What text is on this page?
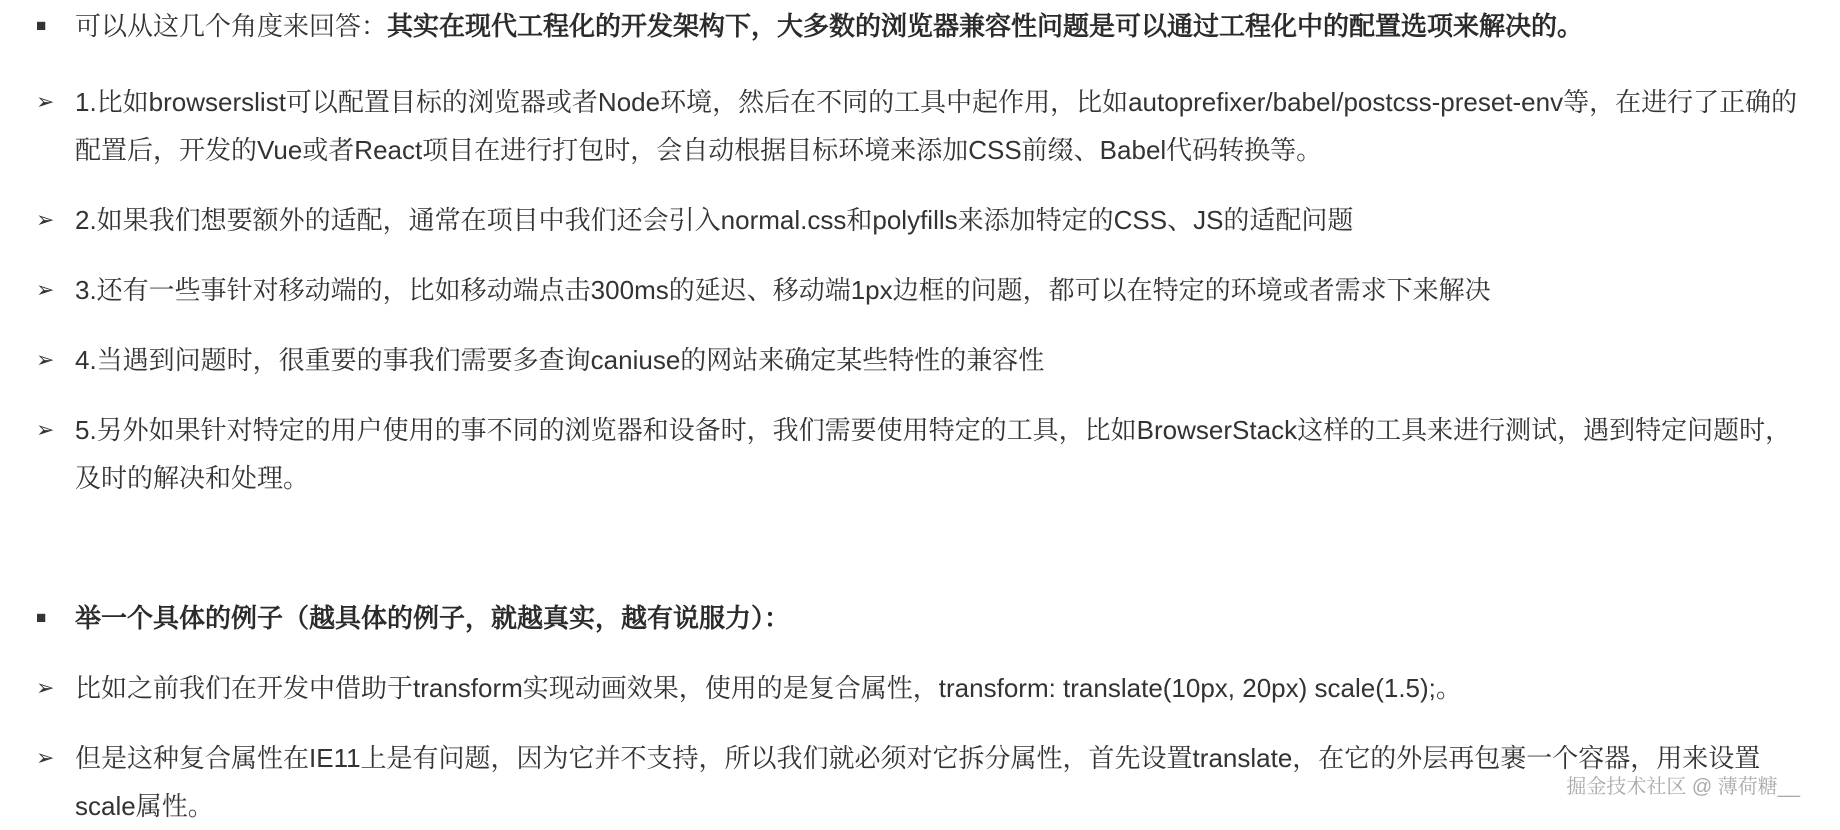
■	可以从这几个角度来回答：其实在现代工程化的开发架构下，大多数的浏览器兼容性问题是可以通过工程化中的配置选项来解决的。

➢ 1.比如browserslist可以配置目标的浏览器或者Node环境，然后在不同的工具中起作用，比如autoprefixer/babel/postcss-preset-env等，在进行了正确的配置后，开发的Vue或者React项目在进行打包时，会自动根据目标环境来添加CSS前缀、Babel代码转换等。

➢ 2.如果我们想要额外的适配，通常在项目中我们还会引入normal.css和polyfills来添加特定的CSS、JS的适配问题

➢ 3.还有一些事针对移动端的，比如移动端点击300ms的延迟、移动端1px边框的问题，都可以在特定的环境或者需求下来解决

➢ 4.当遇到问题时，很重要的事我们需要多查询caniuse的网站来确定某些特性的兼容性

➢ 5.另外如果针对特定的用户使用的事不同的浏览器和设备时，我们需要使用特定的工具，比如BrowserStack这样的工具来进行测试，遇到特定问题时，及时的解决和处理。

■	举一个具体的例子（越具体的例子，就越真实，越有说服力）：

➢ 比如之前我们在开发中借助于transform实现动画效果，使用的是复合属性，transform: translate(10px, 20px) scale(1.5);。

➢ 但是这种复合属性在IE11上是有问题，因为它并不支持，所以我们就必须对它拆分属性，首先设置translate，在它的外层再包裹一个容器，用来设置scale属性。

掘金技术社区 @ 薄荷糖__
